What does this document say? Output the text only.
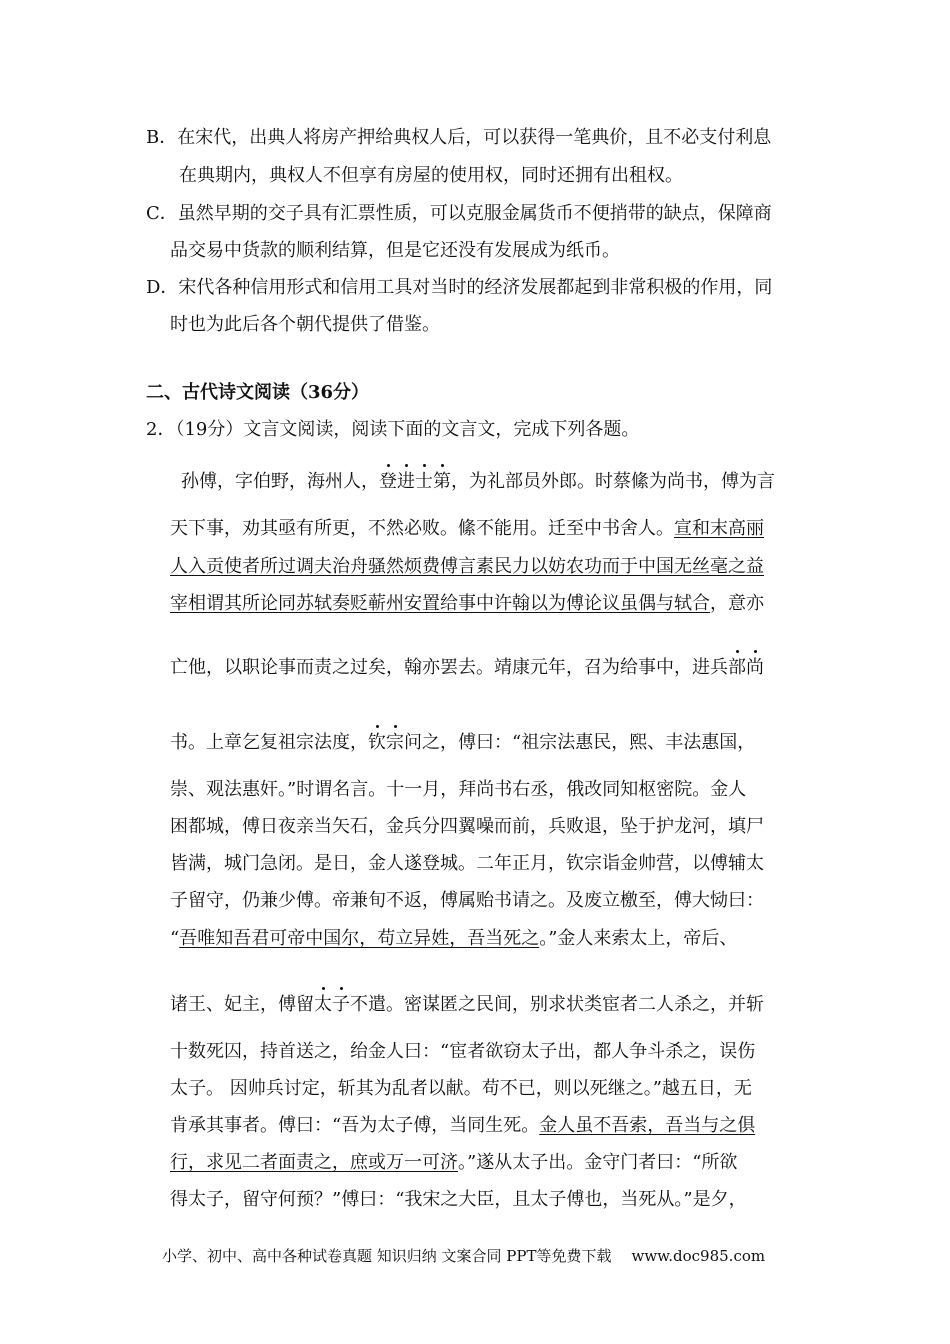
B．在宋代，出典人将房产押给典权人后，可以获得一笔典价，且不必支付利息
在典期内，典权人不但享有房屋的使用权，同时还拥有出租权。
C．虽然早期的交子具有汇票性质，可以克服金属货币不便捎带的缺点，保障商
品交易中货款的顺利结算，但是它还没有发展成为纸币。
D．宋代各种信用形式和信用工具对当时的经济发展都起到非常积极的作用，同
时也为此后各个朝代提供了借鉴。
二、古代诗文阅读（36分）
2．（19分）文言文阅读，阅读下面的文言文，完成下列各题。
孙傅，字伯野，海州人，登进士第，为礼部员外郎。时蔡絛为尚书，傅为言
天下事，劝其亟有所更，不然必败。絛不能用。迁至中书舍人。宣和末高丽
人入贡使者所过调夫治舟骚然烦费傅言素民力以妨农功而于中国无丝毫之益
宰相谓其所论同苏轼奏贬蕲州安置给事中许翰以为傅论议虽偶与轼合，意亦
亡他，以职论事而责之过矣，翰亦罢去。靖康元年，召为给事中，进兵部尚
书。上章乞复祖宗法度，钦宗问之，傅曰：“祖宗法惠民，熙、丰法惠国，
崇、观法惠奸。”时谓名言。十一月，拜尚书右丞，俄改同知枢密院。金人
困都城，傅日夜亲当矢石，金兵分四翼噪而前，兵败退，坠于护龙河，填尸
皆满，城门急闭。是日，金人遂登城。二年正月，钦宗诣金帅营，以傅辅太
子留守，仍兼少傅。帝兼旬不返，傅属贻书请之。及废立檄至，傅大恸曰：
“吾唯知吾君可帝中国尔，苟立异姓，吾当死之。”金人来索太上，帝后、
诸王、妃主，傅留太子不遣。密谋匿之民间，别求状类宦者二人杀之，并斩
十数死囚，持首送之，绐金人曰：“宦者欲窃太子出，都人争斗杀之，误伤
太子。 因帅兵讨定，斩其为乱者以献。苟不已，则以死继之。”越五日，无
肯承其事者。傅曰：“吾为太子傅，当同生死。金人虽不吾索，吾当与之俱
行，求见二者面责之，庶或万一可济。”遂从太子出。金守门者曰：“所欲
得太子，留守何预？”傅曰：“我宋之大臣，且太子傅也，当死从。”是夕，
小学、初中、高中各种试卷真题 知识归纳 文案合同 PPT等免费下载 www.doc985.com
